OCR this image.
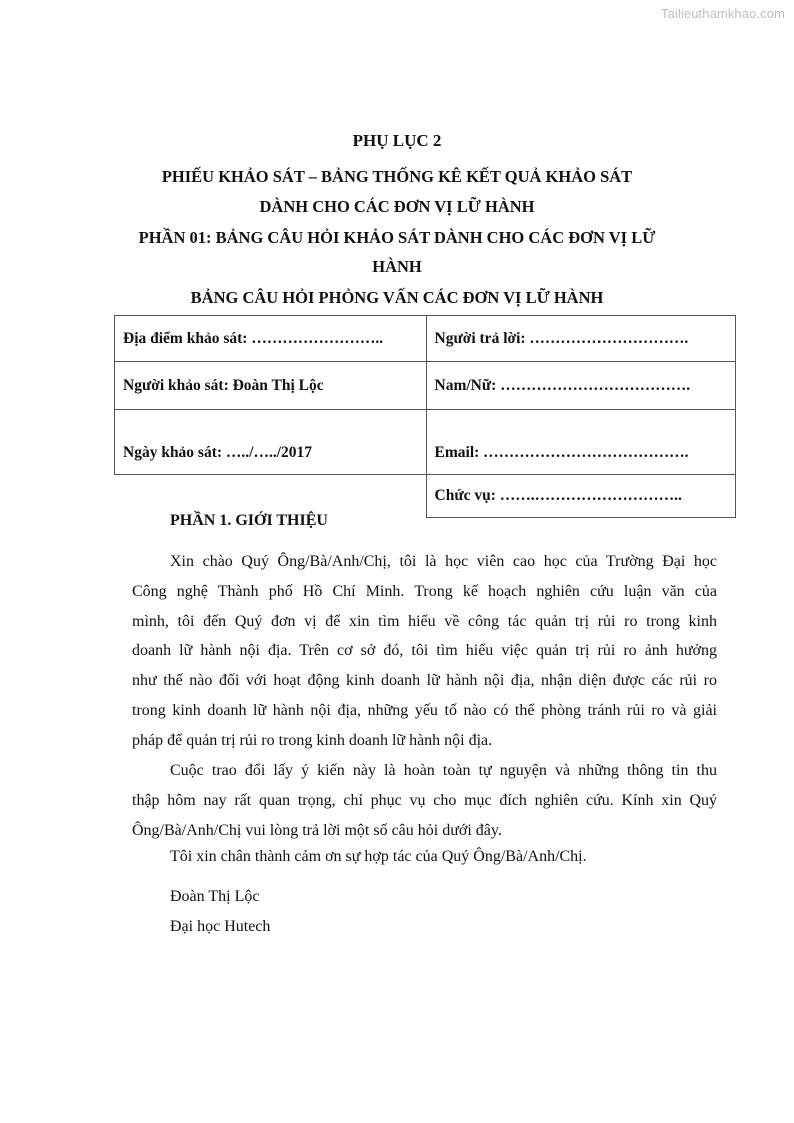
Tailieuthamkhao.com
PHỤ LỤC 2
PHIẾU KHẢO SÁT – BẢNG THỐNG KÊ KẾT QUẢ KHẢO SÁT
DÀNH CHO CÁC ĐƠN VỊ LỮ HÀNH
PHẦN 01: BẢNG CÂU HỎI KHẢO SÁT DÀNH CHO CÁC ĐƠN VỊ LỮ
HÀNH
BẢNG CÂU HỎI PHỎNG VẤN CÁC ĐƠN VỊ LỮ HÀNH
Địa điểm khảo sát: ……………………..	Người trả lời: ………………………….
Người khảo sát: Đoàn Thị Lộc	Nam/Nữ: ……………………………….
Ngày khảo sát: …../…../2017	Email: ………………………………….
	Chức vụ: …….………………………..
PHẦN 1. GIỚI THIỆU
Xin chào Quý Ông/Bà/Anh/Chị, tôi là học viên cao học của Trường Đại học
Công nghệ Thành phố Hồ Chí Minh. Trong kế hoạch nghiên cứu luận văn của
mình, tôi đến Quý đơn vị để xin tìm hiểu về công tác quản trị rủi ro trong kinh
doanh lữ hành nội địa. Trên cơ sở đó, tôi tìm hiểu việc quản trị rủi ro ảnh hưởng
như thế nào đối với hoạt động kinh doanh lữ hành nội địa, nhận diện được các rủi ro
trong kinh doanh lữ hành nội địa, những yếu tố nào có thể phòng tránh rủi ro và giải
pháp để quản trị rủi ro trong kinh doanh lữ hành nội địa.
Cuộc trao đổi lấy ý kiến này là hoàn toàn tự nguyện và những thông tin thu
thập hôm nay rất quan trọng, chỉ phục vụ cho mục đích nghiên cứu. Kính xin Quý
Ông/Bà/Anh/Chị vui lòng trả lời một số câu hỏi dưới đây.
Tôi xin chân thành cảm ơn sự hợp tác của Quý Ông/Bà/Anh/Chị.
Đoàn Thị Lộc
Đại học Hutech
